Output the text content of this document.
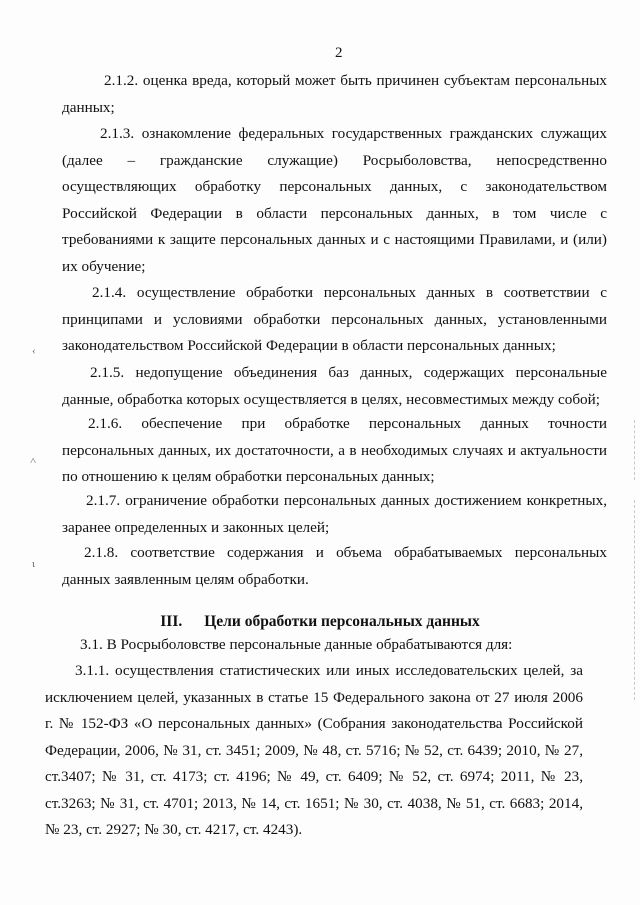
2
2.1.2. оценка вреда, который может быть причинен субъектам персональных данных;
2.1.3. ознакомление федеральных государственных гражданских служащих (далее – гражданские служащие) Росрыболовства, непосредственно осуществляющих обработку персональных данных, с законодательством Российской Федерации в области персональных данных, в том числе с требованиями к защите персональных данных и с настоящими Правилами, и (или) их обучение;
2.1.4. осуществление обработки персональных данных в соответствии с принципами и условиями обработки персональных данных, установленными законодательством Российской Федерации в области персональных данных;
2.1.5. недопущение объединения баз данных, содержащих персональные данные, обработка которых осуществляется в целях, несовместимых между собой;
2.1.6. обеспечение при обработке персональных данных точности персональных данных, их достаточности, а в необходимых случаях и актуальности по отношению к целям обработки персональных данных;
2.1.7. ограничение обработки персональных данных достижением конкретных, заранее определенных и законных целей;
2.1.8. соответствие содержания и объема обрабатываемых персональных данных заявленным целям обработки.
III. Цели обработки персональных данных
3.1. В Росрыболовстве персональные данные обрабатываются для:
3.1.1. осуществления статистических или иных исследовательских целей, за исключением целей, указанных в статье 15 Федерального закона от 27 июля 2006 г. № 152-ФЗ «О персональных данных» (Собрания законодательства Российской Федерации, 2006, № 31, ст. 3451; 2009, № 48, ст. 5716; № 52, ст. 6439; 2010, № 27, ст.3407; № 31, ст. 4173; ст. 4196; № 49, ст. 6409; № 52, ст. 6974; 2011, № 23, ст.3263; № 31, ст. 4701; 2013, № 14, ст. 1651; № 30, ст. 4038, № 51, ст. 6683; 2014, № 23, ст. 2927; № 30, ст. 4217, ст. 4243).
‹
˄
ι
